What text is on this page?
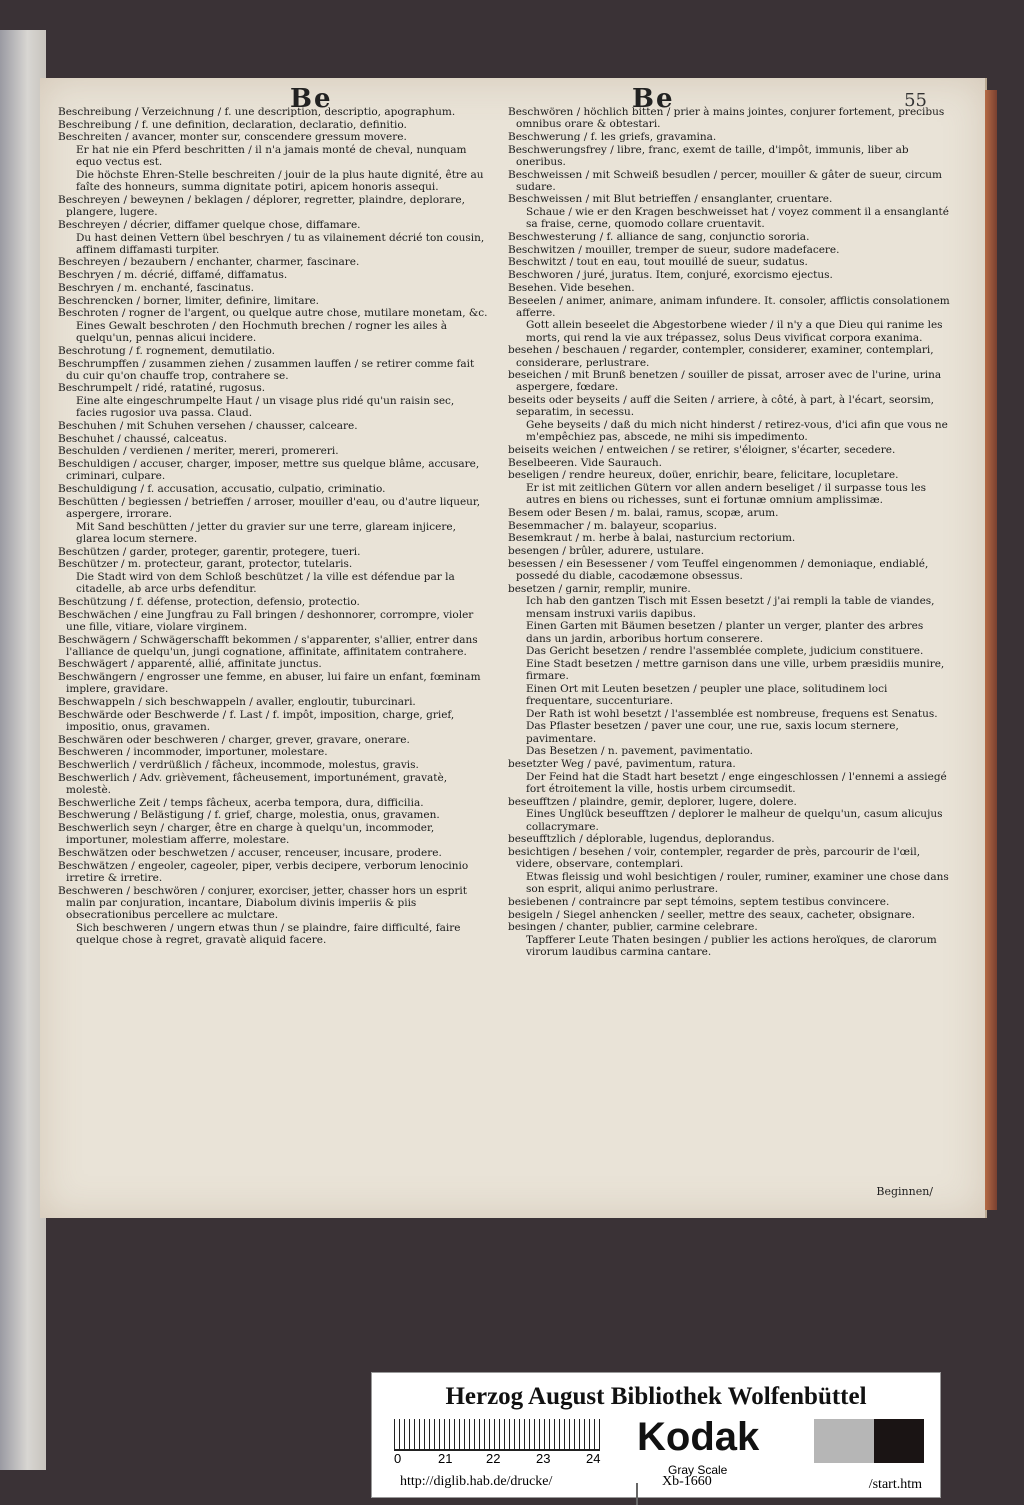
Be	Be	55

Beschreibung / Verzeichnung / f. une description, descriptio, apographum.

Beschreibung / f. une definition, declaration, declaratio, definitio.

Beschreiten / avancer, monter sur, conscendere gressum movere.

Er hat nie ein Pferd beschritten / il n'a jamais monté de cheval, nunquam equo vectus est.

Die höchste Ehren-Stelle beschreiten / jouir de la plus haute dignité, être au faîte des honneurs, summa dignitate potiri, apicem honoris assequi.

Beschreyen / beweynen / beklagen / déplorer, regretter, plaindre, deplorare, plangere, lugere.

Beschreyen / décrier, diffamer quelque chose, diffamare.

Du hast deinen Vettern übel beschryen / tu as vilainement décrié ton cousin, affinem diffamasti turpiter.

Beschreyen / bezaubern / enchanter, charmer, fascinare.

Beschryen / m. décrié, diffamé, diffamatus.

Beschryen / m. enchanté, fascinatus.

Beschrencken / borner, limiter, definire, limitare.

Beschroten / rogner de l'argent, ou quelque autre chose, mutilare monetam, &c.

Eines Gewalt beschroten / den Hochmuth brechen / rogner les ailes à quelqu'un, pennas alicui incidere.

Beschrotung / f. rognement, demutilatio.

Beschrumpffen / zusammen ziehen / zusammen lauffen / se retirer comme fait du cuir qu'on chauffe trop, contrahere se.

Beschrumpelt / ridé, ratatiné, rugosus.

Eine alte eingeschrumpelte Haut / un visage plus ridé qu'un raisin sec, facies rugosior uva passa. Claud.

Beschuhen / mit Schuhen versehen / chausser, calceare.

Beschuhet / chaussé, calceatus.

Beschulden / verdienen / meriter, mereri, promereri.

Beschuldigen / accuser, charger, imposer, mettre sus quelque blâme, accusare, criminari, culpare.

Beschuldigung / f. accusation, accusatio, culpatio, criminatio.

Beschütten / begiessen / betrieffen / arroser, mouiller d'eau, ou d'autre liqueur, aspergere, irrorare.

Mit Sand beschütten / jetter du gravier sur une terre, glaream injicere, glarea locum sternere.

Beschützen / garder, proteger, garentir, protegere, tueri.

Beschützer / m. protecteur, garant, protector, tutelaris.

Die Stadt wird von dem Schloß beschützet / la ville est défendue par la citadelle, ab arce urbs defenditur.

Beschützung / f. défense, protection, defensio, protectio.

Beschwächen / eine Jungfrau zu Fall bringen / deshonnorer, corrompre, violer une fille, vitiare, violare virginem.

Beschwägern / Schwägerschafft bekommen / s'apparenter, s'allier, entrer dans l'alliance de quelqu'un, jungi cognatione, affinitate, affinitatem contrahere.

Beschwägert / apparenté, allié, affinitate junctus.

Beschwängern / engrosser une femme, en abuser, lui faire un enfant, fœminam implere, gravidare.

Beschwappeln / sich beschwappeln / avaller, engloutir, tuburcinari.

Beschwärde oder Beschwerde / f. Last / f. impôt, imposition, charge, grief, impositio, onus, gravamen.

Beschwären oder beschweren / charger, grever, gravare, onerare.

Beschweren / incommoder, importuner, molestare.

Beschwerlich / verdrüßlich / fâcheux, incommode, molestus, gravis.

Beschwerlich / Adv. grièvement, fâcheusement, importunément, gravatè, molestè.

Beschwerliche Zeit / temps fâcheux, acerba tempora, dura, difficilia.

Beschwerung / Belästigung / f. grief, charge, molestia, onus, gravamen.

Beschwerlich seyn / charger, être en charge à quelqu'un, incommoder, importuner, molestiam afferre, molestare.

Beschwätzen oder beschwetzen / accuser, renceuser, incusare, prodere.

Beschwätzen / engeoler, cageoler, piper, verbis decipere, verborum lenocinio irretire & irretire.

Beschweren / beschwören / conjurer, exorciser, jetter, chasser hors un esprit malin par conjuration, incantare, Diabolum divinis imperiis & piis obsecrationibus percellere ac mulctare.

Sich beschweren / ungern etwas thun / se plaindre, faire difficulté, faire quelque chose à regret, gravatè aliquid facere.

Beschwören / höchlich bitten / prier à mains jointes, conjurer fortement, precibus omnibus orare & obtestari.

Beschwerung / f. les griefs, gravamina.

Beschwerungsfrey / libre, franc, exemt de taille, d'impôt, immunis, liber ab oneribus.

Beschweissen / mit Schweiß besudlen / percer, mouiller & gâter de sueur, circum sudare.

Beschweissen / mit Blut betrieffen / ensanglanter, cruentare.

Schaue / wie er den Kragen beschweisset hat / voyez comment il a ensanglanté sa fraise, cerne, quomodo collare cruentavit.

Beschwesterung / f. alliance de sang, conjunctio sororia.

Beschwitzen / mouiller, tremper de sueur, sudore madefacere.

Beschwitzt / tout en eau, tout mouillé de sueur, sudatus.

Beschworen / juré, juratus. Item, conjuré, exorcismo ejectus.

Besehen. Vide besehen.

Beseelen / animer, animare, animam infundere. It. consoler, afflictis consolationem afferre.

Gott allein beseelet die Abgestorbene wieder / il n'y a que Dieu qui ranime les morts, qui rend la vie aux trépassez, solus Deus vivificat corpora exanima.

besehen / beschauen / regarder, contempler, considerer, examiner, contemplari, considerare, perlustrare.

beseichen / mit Brunß benetzen / souiller de pissat, arroser avec de l'urine, urina aspergere, fœdare.

beseits oder beyseits / auff die Seiten / arriere, à côté, à part, à l'écart, seorsim, separatim, in secessu.

Gehe beyseits / daß du mich nicht hinderst / retirez-vous, d'ici afin que vous ne m'empêchiez pas, abscede, ne mihi sis impedimento.

beiseits weichen / entweichen / se retirer, s'éloigner, s'écarter, secedere.

Beselbeeren. Vide Saurauch.

beseligen / rendre heureux, doüer, enrichir, beare, felicitare, locupletare.

Er ist mit zeitlichen Gütern vor allen andern beseliget / il surpasse tous les autres en biens ou richesses, sunt ei fortunæ omnium amplissimæ.

Besem oder Besen / m. balai, ramus, scopæ, arum.

Besemmacher / m. balayeur, scoparius.

Besemkraut / m. herbe à balai, nasturcium rectorium.

besengen / brûler, adurere, ustulare.

besessen / ein Besessener / vom Teuffel eingenommen / demoniaque, endiablé, possedé du diable, cacodæmone obsessus.

besetzen / garnir, remplir, munire.

Ich hab den gantzen Tisch mit Essen besetzt / j'ai rempli la table de viandes, mensam instruxi variis dapibus.

Einen Garten mit Bäumen besetzen / planter un verger, planter des arbres dans un jardin, arboribus hortum conserere.

Das Gericht besetzen / rendre l'assemblée complete, judicium constituere.

Eine Stadt besetzen / mettre garnison dans une ville, urbem præsidiis munire, firmare.

Einen Ort mit Leuten besetzen / peupler une place, solitudinem loci frequentare, succenturiare.

Der Rath ist wohl besetzt / l'assemblée est nombreuse, frequens est Senatus.

Das Pflaster besetzen / paver une cour, une rue, saxis locum sternere, pavimentare.

Das Besetzen / n. pavement, pavimentatio.

besetzter Weg / pavé, pavimentum, ratura.

Der Feind hat die Stadt hart besetzt / enge eingeschlossen / l'ennemi a assiegé fort étroitement la ville, hostis urbem circumsedit.

beseufftzen / plaindre, gemir, deplorer, lugere, dolere.

Eines Unglück beseufftzen / deplorer le malheur de quelqu'un, casum alicujus collacrymare.

beseufftzlich / déplorable, lugendus, deplorandus.

besichtigen / besehen / voir, contempler, regarder de près, parcourir de l'œil, videre, observare, contemplari.

Etwas fleissig und wohl besichtigen / rouler, ruminer, examiner une chose dans son esprit, aliqui animo perlustrare.

besiebenen / contraincre par sept témoins, septem testibus convincere.

besigeln / Siegel anhencken / seeller, mettre des seaux, cacheter, obsignare.

besingen / chanter, publier, carmine celebrare.

Tapfferer Leute Thaten besingen / publier les actions heroïques, de clarorum virorum laudibus carmina cantare.

Beginnen/
Herzog August Bibliothek Wolfenbüttel
0	21	22	23	24 Kodak
Gray Scale
http://diglib.hab.de/drucke/	Xb-1660	/start.htm
